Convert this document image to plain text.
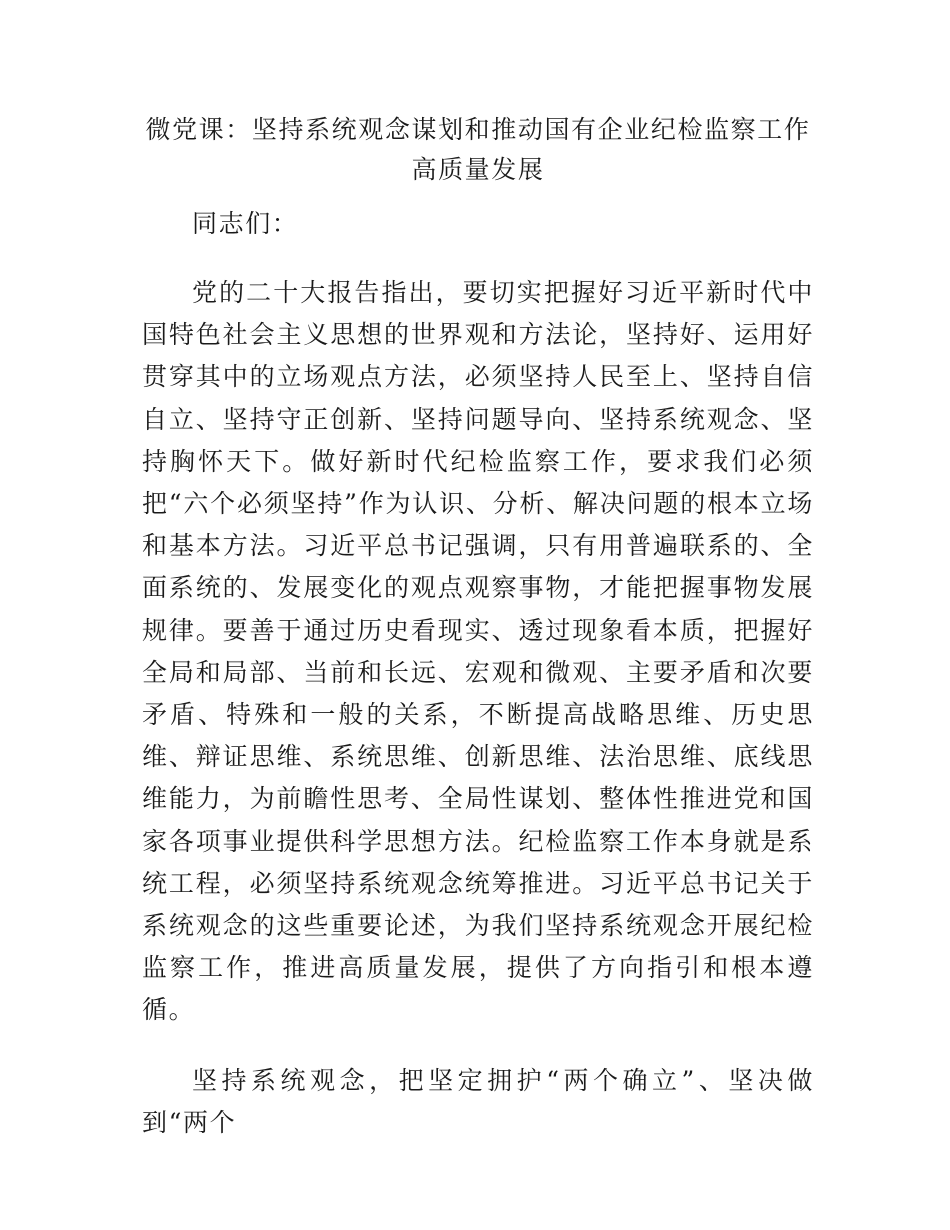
微党课：坚持系统观念谋划和推动国有企业纪检监察工作高质量发展

同志们：

党的二十大报告指出，要切实把握好习近平新时代中国特色社会主义思想的世界观和方法论，坚持好、运用好贯穿其中的立场观点方法，必须坚持人民至上、坚持自信自立、坚持守正创新、坚持问题导向、坚持系统观念、坚持胸怀天下。做好新时代纪检监察工作，要求我们必须把“六个必须坚持”作为认识、分析、解决问题的根本立场和基本方法。习近平总书记强调，只有用普遍联系的、全面系统的、发展变化的观点观察事物，才能把握事物发展规律。要善于通过历史看现实、透过现象看本质，把握好全局和局部、当前和长远、宏观和微观、主要矛盾和次要矛盾、特殊和一般的关系，不断提高战略思维、历史思维、辩证思维、系统思维、创新思维、法治思维、底线思维能力，为前瞻性思考、全局性谋划、整体性推进党和国家各项事业提供科学思想方法。纪检监察工作本身就是系统工程，必须坚持系统观念统筹推进。习近平总书记关于系统观念的这些重要论述，为我们坚持系统观念开展纪检监察工作，推进高质量发展，提供了方向指引和根本遵循。

坚持系统观念，把坚定拥护“两个确立”、坚决做到“两个
